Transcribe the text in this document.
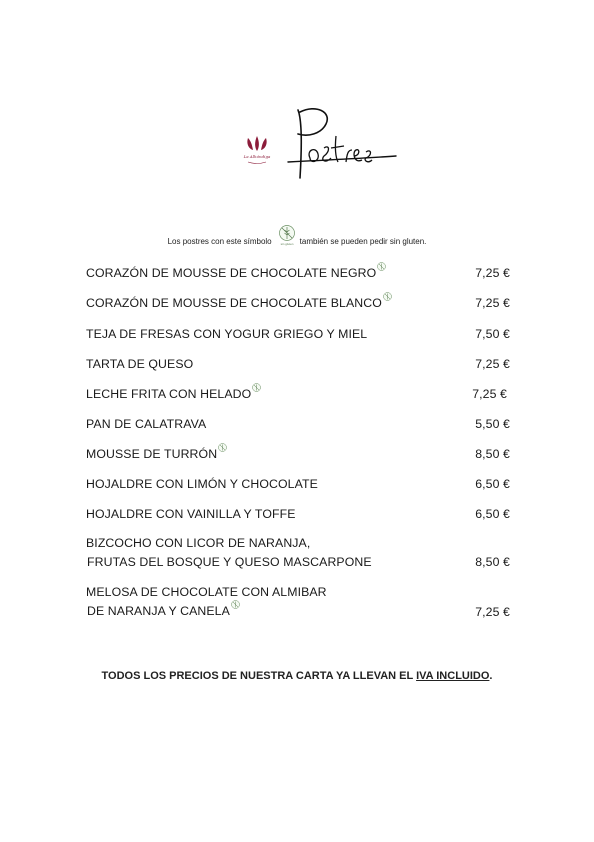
La Alhóndiga
Los postres con este símbolo	sin gluten también se pueden pedir sin gluten.
CORAZÓN DE MOUSSE DE CHOCOLATE NEGRO	7,25 €
CORAZÓN DE MOUSSE DE CHOCOLATE BLANCO	7,25 €
TEJA DE FRESAS CON YOGUR GRIEGO Y MIEL	7,50 €
TARTA DE QUESO	7,25 €
LECHE FRITA CON HELADO	7,25 €
PAN DE CALATRAVA	5,50 €
MOUSSE DE TURRÓN	8,50 €
HOJALDRE CON LIMÓN Y CHOCOLATE	6,50 €
HOJALDRE CON VAINILLA Y TOFFE	6,50 €
BIZCOCHO CON LICOR DE NARANJA,
FRUTAS DEL BOSQUE Y QUESO MASCARPONE	8,50 €
MELOSA DE CHOCOLATE CON ALMIBAR
DE NARANJA Y CANELA	7,25 €
TODOS LOS PRECIOS DE NUESTRA CARTA YA LLEVAN EL IVA INCLUIDO.
